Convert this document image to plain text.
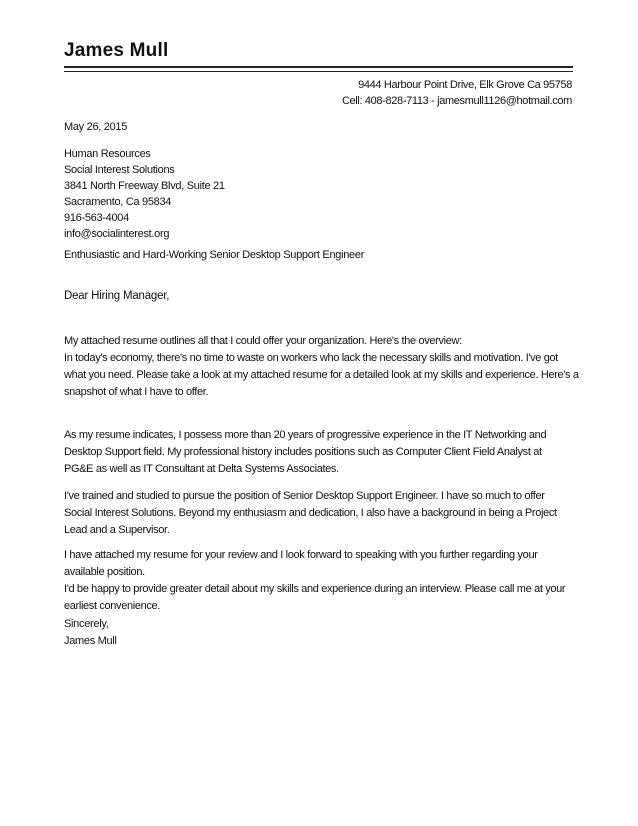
James Mull
9444 Harbour Point Drive, Elk Grove Ca 95758
Cell: 408-828-7113 - jamesmull1126@hotmail.com
May 26, 2015
Human Resources
Social Interest Solutions
3841 North Freeway Blvd, Suite 21
Sacramento, Ca 95834
916-563-4004
info@socialinterest.org
Enthusiastic and Hard-Working Senior Desktop Support Engineer
Dear Hiring Manager,
My attached resume outlines all that I could offer your organization. Here's the overview:
In today's economy, there's no time to waste on workers who lack the necessary skills and motivation. I've got
what you need. Please take a look at my attached resume for a detailed look at my skills and experience. Here's a
snapshot of what I have to offer.
As my resume indicates, I possess more than 20 years of progressive experience in the IT Networking and
Desktop Support field. My professional history includes positions such as Computer Client Field Analyst at
PG&E as well as IT Consultant at Delta Systems Associates.
I've trained and studied to pursue the position of Senior Desktop Support Engineer. I have so much to offer
Social Interest Solutions. Beyond my enthusiasm and dedication, I also have a background in being a Project
Lead and a Supervisor.
I have attached my resume for your review and I look forward to speaking with you further regarding your
available position.
I'd be happy to provide greater detail about my skills and experience during an interview. Please call me at your
earliest convenience.
Sincerely,
James Mull
